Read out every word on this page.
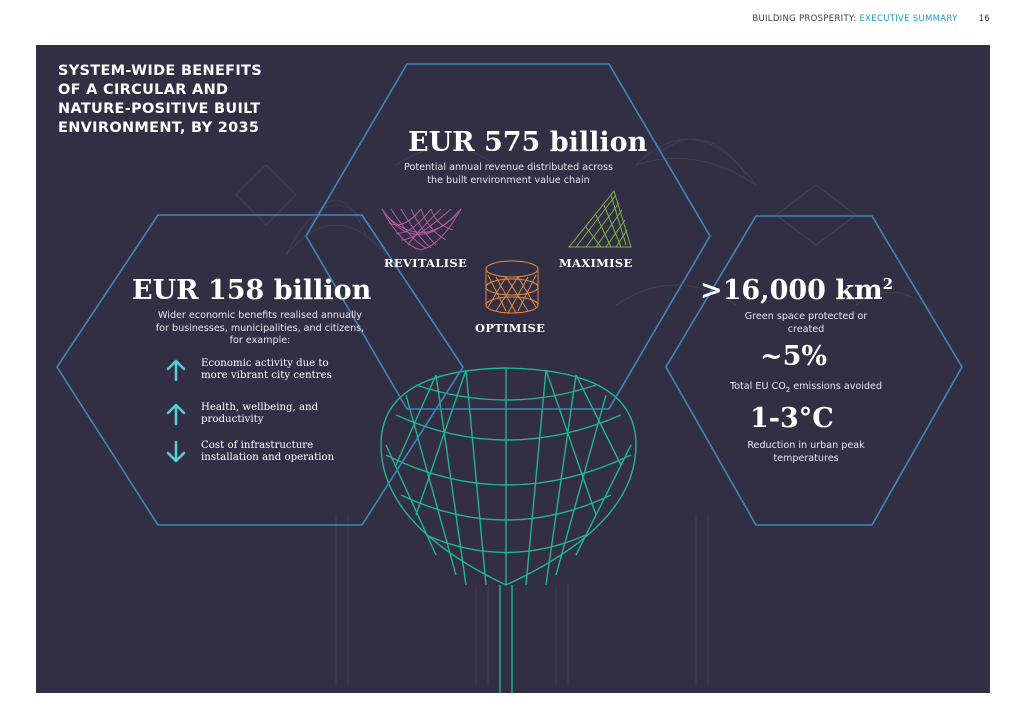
BUILDING PROSPERITY: EXECUTIVE SUMMARY 16
SYSTEM-WIDE BENEFITS
OF A CIRCULAR AND
NATURE-POSITIVE BUILT
ENVIRONMENT, BY 2035	EUR 575 billion
Potential annual revenue distributed across
the built environment value chain
REVITALISE	MAXIMISE
OPTIMISE
EUR 158 billion
Wider economic benefits realised annually
for businesses, municipalities, and citizens,
for example:
Economic activity due to
more vibrant city centres
Health, wellbeing, and
productivity
Cost of infrastructure
installation and operation
>16,000 $km^2$
Green space protected or
created
~5%
Total EU $CO_2$ emissions avoided
1-3°C
Reduction in urban peak
temperatures
